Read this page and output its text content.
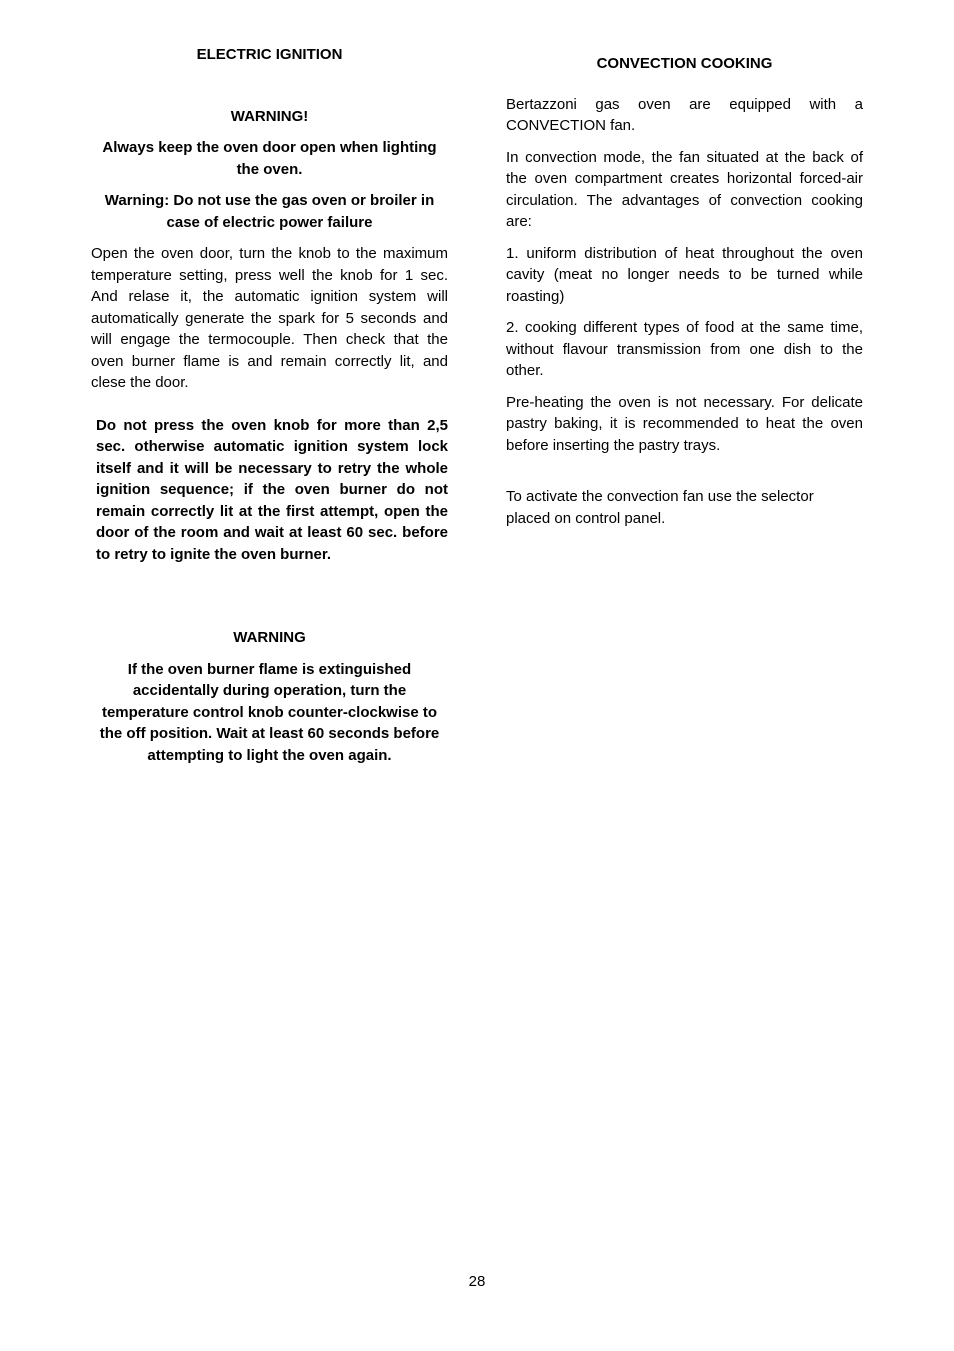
ELECTRIC IGNITION

WARNING!

Always keep the oven door open when lighting the oven.

Warning: Do not use the gas oven or broiler in case of electric power failure

Open the oven door, turn the knob to the maximum temperature setting, press well the knob for 1 sec. And relase it, the automatic ignition system will automatically generate the spark for 5 seconds and will engage the termocouple. Then check that the oven burner flame is and remain correctly lit, and clese the door.

Do not press the oven knob for more than 2,5 sec. otherwise automatic ignition system lock itself and it will be necessary to retry the whole ignition sequence; if the oven burner do not remain correctly lit at the first attempt, open the door of the room and wait at least 60 sec. before to retry to ignite the oven burner.

WARNING

If the oven burner flame is extinguished accidentally during operation, turn the temperature control knob counter-clockwise to the off position. Wait at least 60 seconds before attempting to light the oven again.

CONVECTION COOKING

Bertazzoni gas oven are equipped with a CONVECTION fan.

In convection mode, the fan situated at the back of the oven compartment creates horizontal forced-air circulation. The advantages of convection cooking are:

1. uniform distribution of heat throughout the oven cavity (meat no longer needs to be turned while roasting)

2. cooking different types of food at the same time, without flavour transmission from one dish to the other.

Pre-heating the oven is not necessary. For delicate pastry baking, it is recommended to heat the oven before inserting the pastry trays.

To activate the convection fan use the selector
placed on control panel.

28
